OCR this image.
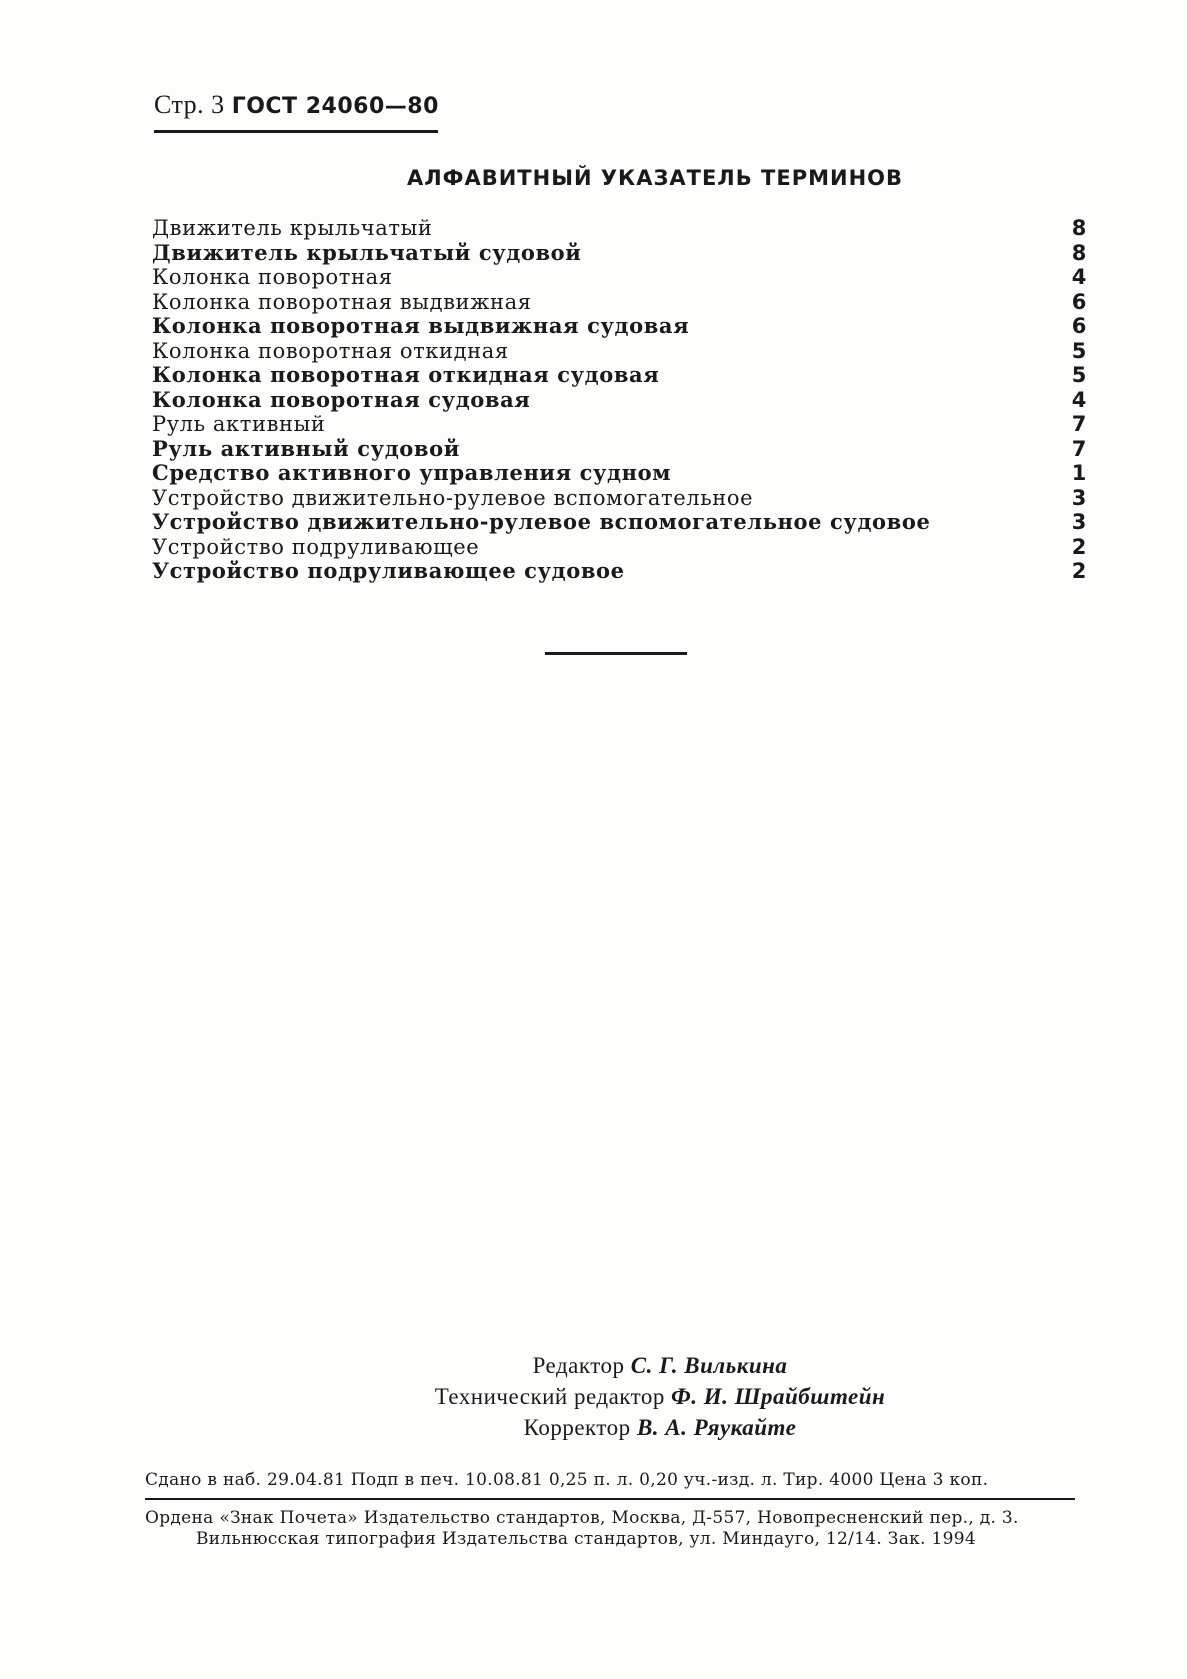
Стр. 3 ГОСТ 24060—80
АЛФАВИТНЫЙ УКАЗАТЕЛЬ ТЕРМИНОВ
Движитель крыльчатый	8
Движитель крыльчатый судовой	8
Колонка поворотная	4
Колонка поворотная выдвижная	6
Колонка поворотная выдвижная судовая	6
Колонка поворотная откидная	5
Колонка поворотная откидная судовая	5
Колонка поворотная судовая	4
Руль активный	7
Руль активный судовой	7
Средство активного управления судном	1
Устройство движительно-рулевое вспомогательное	3
Устройство движительно-рулевое вспомогательное судовое	3
Устройство подруливающее	2
Устройство подруливающее судовое	2
Редактор С. Г. Вилькина
Технический редактор Ф. И. Шрайбштейн
Корректор В. А. Ряукайте
Сдано в наб. 29.04.81 Подп в печ. 10.08.81 0,25 п. л. 0,20 уч.-изд. л. Тир. 4000 Цена 3 коп.
Ордена «Знак Почета» Издательство стандартов, Москва, Д-557, Новопресненский пер., д. 3.
Вильнюсская типография Издательства стандартов, ул. Миндауго, 12/14. Зак. 1994
